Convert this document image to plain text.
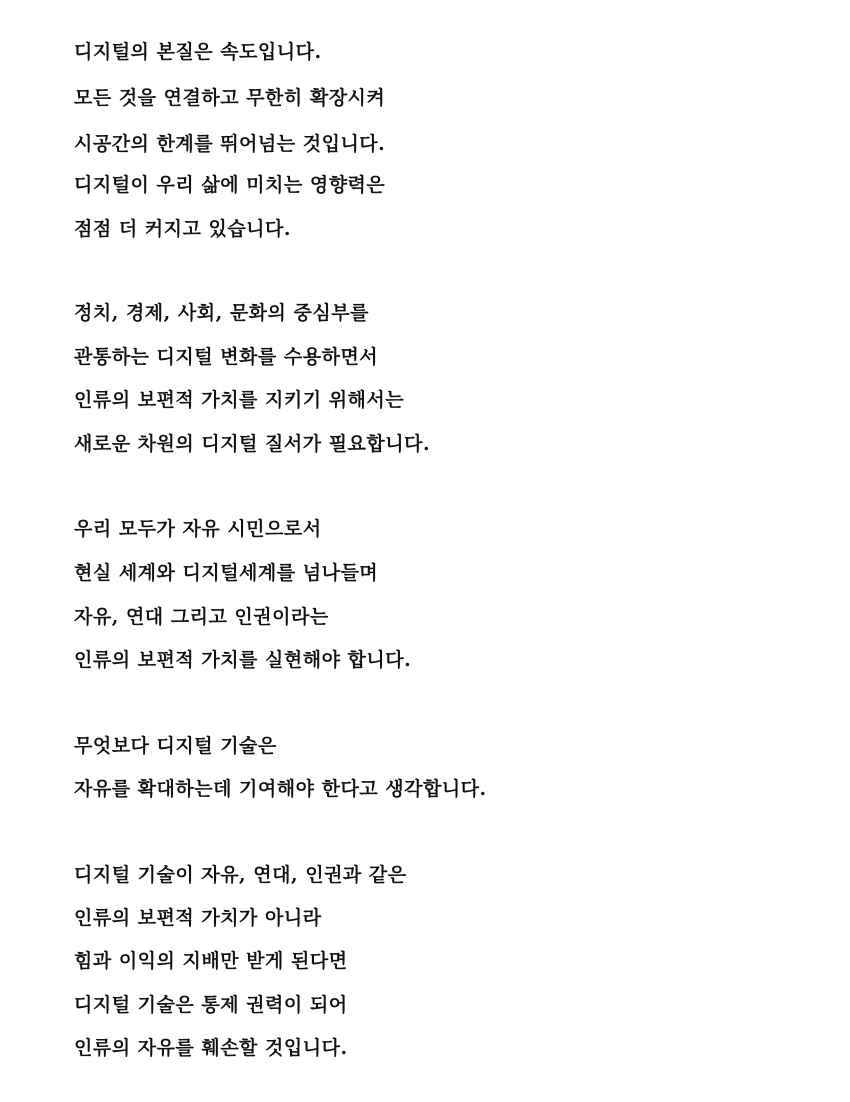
디지털의 본질은 속도입니다.
모든 것을 연결하고 무한히 확장시켜
시공간의 한계를 뛰어넘는 것입니다.
디지털이 우리 삶에 미치는 영향력은
점점 더 커지고 있습니다.
정치, 경제, 사회, 문화의 중심부를
관통하는 디지털 변화를 수용하면서
인류의 보편적 가치를 지키기 위해서는
새로운 차원의 디지털 질서가 필요합니다.
우리 모두가 자유 시민으로서
현실 세계와 디지털세계를 넘나들며
자유, 연대 그리고 인권이라는
인류의 보편적 가치를 실현해야 합니다.
무엇보다 디지털 기술은
자유를 확대하는데 기여해야 한다고 생각합니다.
디지털 기술이 자유, 연대, 인권과 같은
인류의 보편적 가치가 아니라
힘과 이익의 지배만 받게 된다면
디지털 기술은 통제 권력이 되어
인류의 자유를 훼손할 것입니다.
